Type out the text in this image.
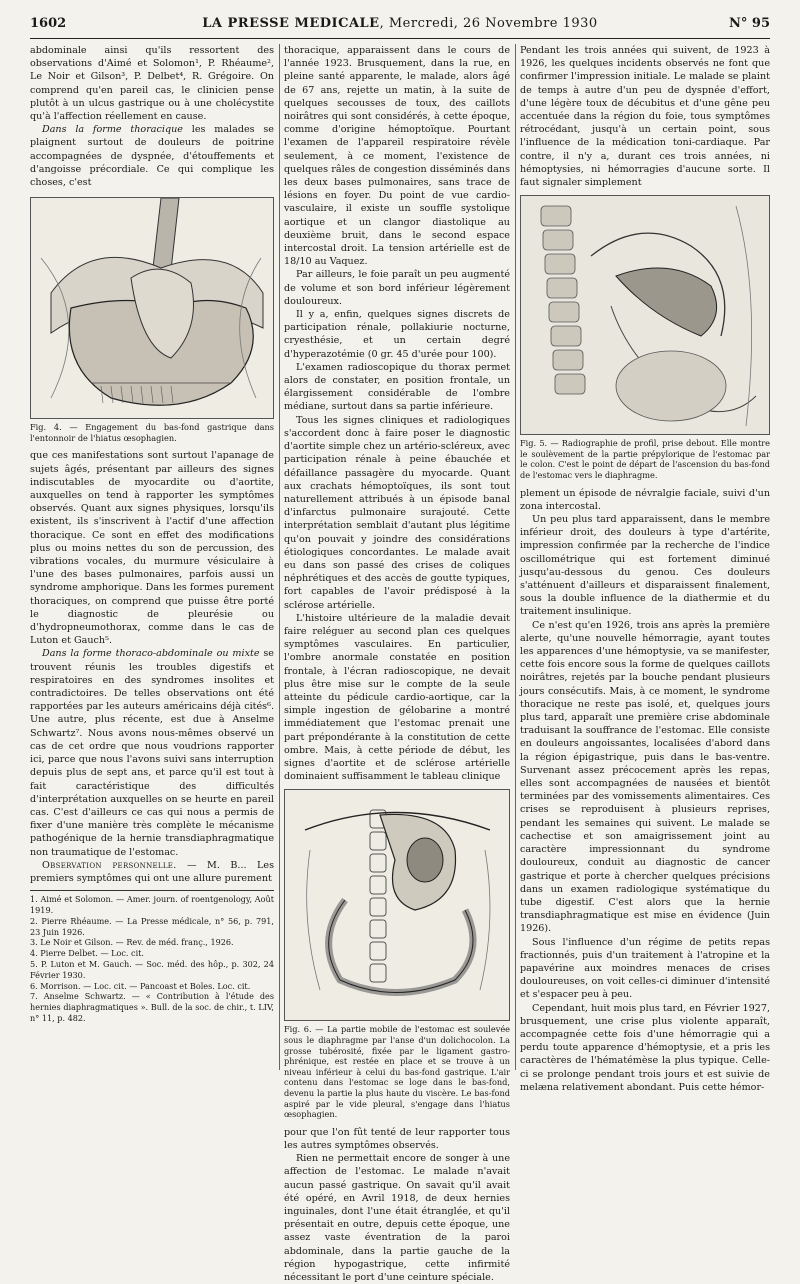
1602	LA PRESSE MEDICALE, Mercredi, 26 Novembre 1930	N° 95

abdominale ainsi qu'ils ressortent des observations d'Aimé et Solomon¹, P. Rhéaume², Le Noir et Gilson³, P. Delbet⁴, R. Grégoire. On comprend qu'en pareil cas, le clinicien pense plutôt à un ulcus gastrique ou à une cholécystite qu'à l'affection réellement en cause.

Dans la forme thoracique les malades se plaignent surtout de douleurs de poitrine accompagnées de dyspnée, d'étouffements et d'angoisse précordiale. Ce qui complique les choses, c'est

Fig. 4. — Engagement du bas-fond gastrique dans l'entonnoir de l'hiatus œsophagien.

que ces manifestations sont surtout l'apanage de sujets âgés, présentant par ailleurs des signes indiscutables de myocardite ou d'aortite, auxquelles on tend à rapporter les symptômes observés. Quant aux signes physiques, lorsqu'ils existent, ils s'inscrivent à l'actif d'une affection thoracique. Ce sont en effet des modifications plus ou moins nettes du son de percussion, des vibrations vocales, du murmure vésiculaire à l'une des bases pulmonaires, parfois aussi un syndrome amphorique. Dans les formes purement thoraciques, on comprend que puisse être porté le diagnostic de pleurésie ou d'hydropneumothorax, comme dans le cas de Luton et Gauch⁵.

Dans la forme thoraco-abdominale ou mixte se trouvent réunis les troubles digestifs et respiratoires en des syndromes insolites et contradictoires. De telles observations ont été rapportées par les auteurs américains déjà cités⁶. Une autre, plus récente, est due à Anselme Schwartz⁷. Nous avons nous-mêmes observé un cas de cet ordre que nous voudrions rapporter ici, parce que nous l'avons suivi sans interruption depuis plus de sept ans, et parce qu'il est tout à fait caractéristique des difficultés d'interprétation auxquelles on se heurte en pareil cas. C'est d'ailleurs ce cas qui nous a permis de fixer d'une manière très complète le mécanisme pathogénique de la hernie transdiaphragmatique non traumatique de l'estomac.

Observation personnelle. — M. B... Les premiers symptômes qui ont une allure purement

1. Aimé et Solomon. — Amer. journ. of roentgenology, Août 1919.
2. Pierre Rhéaume. — La Presse médicale, n° 56, p. 791, 23 Juin 1926.
3. Le Noir et Gilson. — Rev. de méd. franç., 1926.
4. Pierre Delbet. — Loc. cit.
5. P. Luton et M. Gauch. — Soc. méd. des hôp., p. 302, 24 Février 1930.
6. Morrison. — Loc. cit. — Pancoast et Boles. Loc. cit.
7. Anselme Schwartz. — « Contribution à l'étude des hernies diaphragmatiques ». Bull. de la soc. de chir., t. LIV, n° 11, p. 482.

thoracique, apparaissent dans le cours de l'année 1923. Brusquement, dans la rue, en pleine santé apparente, le malade, alors âgé de 67 ans, rejette un matin, à la suite de quelques secousses de toux, des caillots noirâtres qui sont considérés, à cette époque, comme d'origine hémoptoïque. Pourtant l'examen de l'appareil respiratoire révèle seulement, à ce moment, l'existence de quelques râles de congestion disséminés dans les deux bases pulmonaires, sans trace de lésions en foyer. Du point de vue cardio-vasculaire, il existe un souffle systolique aortique et un clangor diastolique au deuxième bruit, dans le second espace intercostal droit. La tension artérielle est de 18/10 au Vaquez.

Par ailleurs, le foie paraît un peu augmenté de volume et son bord inférieur légèrement douloureux.

Il y a, enfin, quelques signes discrets de participation rénale, pollakiurie nocturne, cryesthésie, et un certain degré d'hyperazotémie (0 gr. 45 d'urée pour 100).

L'examen radioscopique du thorax permet alors de constater, en position frontale, un élargissement considérable de l'ombre médiane, surtout dans sa partie inférieure.

Tous les signes cliniques et radiologiques s'accordent donc à faire poser le diagnostic d'aortite simple chez un artério-scléreux, avec participation rénale à peine ébauchée et défaillance passagère du myocarde. Quant aux crachats hémoptoïques, ils sont tout naturellement attribués à un épisode banal d'infarctus pulmonaire surajouté. Cette interprétation semblait d'autant plus légitime qu'on pouvait y joindre des considérations étiologiques concordantes. Le malade avait eu dans son passé des crises de coliques néphrétiques et des accès de goutte typiques, fort capables de l'avoir prédisposé à la sclérose artérielle.

L'histoire ultérieure de la maladie devait faire reléguer au second plan ces quelques symptômes vasculaires. En particulier, l'ombre anormale constatée en position frontale, à l'écran radioscopique, ne devait plus être mise sur le compte de la seule atteinte du pédicule cardio-aortique, car la simple ingestion de gélobarine a montré immédiatement que l'estomac prenait une part prépondérante à la constitution de cette ombre. Mais, à cette période de début, les signes d'aortite et de sclérose artérielle dominaient suffisamment le tableau clinique

Fig. 6. — La partie mobile de l'estomac est soulevée sous le diaphragme par l'anse d'un dolichocolon. La grosse tubérosité, fixée par le ligament gastro-phrénique, est restée en place et se trouve à un niveau inférieur à celui du bas-fond gastrique. L'air contenu dans l'estomac se loge dans le bas-fond, devenu la partie la plus haute du viscère. Le bas-fond aspiré par le vide pleural, s'engage dans l'hiatus œsophagien.

pour que l'on fût tenté de leur rapporter tous les autres symptômes observés.

Rien ne permettait encore de songer à une affection de l'estomac. Le malade n'avait aucun passé gastrique. On savait qu'il avait été opéré, en Avril 1918, de deux hernies inguinales, dont l'une était étranglée, et qu'il présentait en outre, depuis cette époque, une assez vaste éventration de la paroi abdominale, dans la partie gauche de la région hypogastrique, cette infirmité nécessitant le port d'une ceinture spéciale.

Pendant les trois années qui suivent, de 1923 à 1926, les quelques incidents observés ne font que confirmer l'impression initiale. Le malade se plaint de temps à autre d'un peu de dyspnée d'effort, d'une légère toux de décubitus et d'une gêne peu accentuée dans la région du foie, tous symptômes rétrocédant, jusqu'à un certain point, sous l'influence de la médication toni-cardiaque. Par contre, il n'y a, durant ces trois années, ni hémoptysies, ni hémorragies d'aucune sorte. Il faut signaler simplement

Fig. 5. — Radiographie de profil, prise debout. Elle montre le soulèvement de la partie prépylorique de l'estomac par le colon. C'est le point de départ de l'ascension du bas-fond de l'estomac vers le diaphragme.

plement un épisode de névralgie faciale, suivi d'un zona intercostal.

Un peu plus tard apparaissent, dans le membre inférieur droit, des douleurs à type d'artérite, impression confirmée par la recherche de l'indice oscillométrique qui est fortement diminué jusqu'au-dessous du genou. Ces douleurs s'atténuent d'ailleurs et disparaissent finalement, sous la double influence de la diathermie et du traitement insulinique.

Ce n'est qu'en 1926, trois ans après la première alerte, qu'une nouvelle hémorragie, ayant toutes les apparences d'une hémoptysie, va se manifester, cette fois encore sous la forme de quelques caillots noirâtres, rejetés par la bouche pendant plusieurs jours consécutifs. Mais, à ce moment, le syndrome thoracique ne reste pas isolé, et, quelques jours plus tard, apparaît une première crise abdominale traduisant la souffrance de l'estomac. Elle consiste en douleurs angoissantes, localisées d'abord dans la région épigastrique, puis dans le bas-ventre. Survenant assez précocement après les repas, elles sont accompagnées de nausées et bientôt terminées par des vomissements alimentaires. Ces crises se reproduisent à plusieurs reprises, pendant les semaines qui suivent. Le malade se cachectise et son amaigrissement joint au caractère impressionnant du syndrome douloureux, conduit au diagnostic de cancer gastrique et porte à chercher quelques précisions dans un examen radiologique systématique du tube digestif. C'est alors que la hernie transdiaphragmatique est mise en évidence (Juin 1926).

Sous l'influence d'un régime de petits repas fractionnés, puis d'un traitement à l'atropine et la papavérine aux moindres menaces de crises douloureuses, on voit celles-ci diminuer d'intensité et s'espacer peu à peu.

Cependant, huit mois plus tard, en Février 1927, brusquement, une crise plus violente apparaît, accompagnée cette fois d'une hémorragie qui a perdu toute apparence d'hémoptysie, et a pris les caractères de l'hématémèse la plus typique. Celle-ci se prolonge pendant trois jours et est suivie de melæna relativement abondant. Puis cette hémor-
